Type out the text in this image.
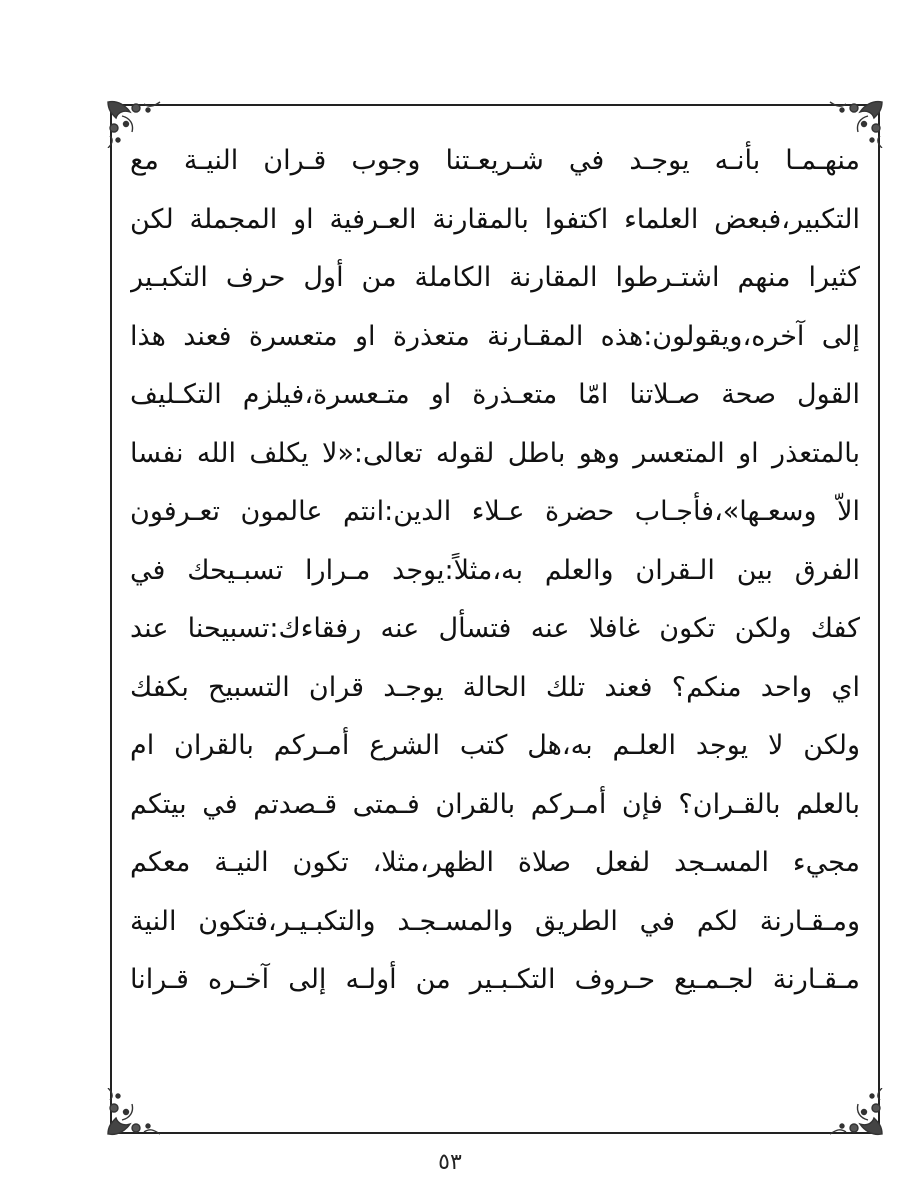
منهـمـا بأنـه يوجـد في شـريعـتنا وجوب قـران النيـة مع
التكبير،فبعض العلماء اكتفوا بالمقارنة العـرفية او المجملة لكن
كثيرا منهم اشتـرطوا المقارنة الكاملة من أول حرف التكبـير
إلى آخره،ويقولون:هذه المقـارنة متعذرة او متعسرة فعند هذا
القول صحة صـلاتنا امّا متعـذرة او متـعسرة،فيلزم التكـليف
بالمتعذر او المتعسر وهو باطل لقوله تعالى:«لا يكلف الله نفسا
الاّ وسعـها»،فأجـاب حضرة عـلاء الدين:انتم عالمون تعـرفون
الفرق بين الـقران والعلم به،مثلاً:يوجد مـرارا تسبـيحك في
كفك ولكن تكون غافلا عنه فتسأل عنه رفقاءك:تسبيحنا عند
اي واحد منكم؟ فعند تلك الحالة يوجـد قران التسبيح بكفك
ولكن لا يوجد العلـم به،هل كتب الشرع أمـركم بالقران ام
بالعلم بالقـران؟ فإن أمـركم بالقران فـمتى قـصدتم في بيتكم
مجيء المسـجد لفعل صلاة الظهر،مثلا، تكون النيـة معكم
ومـقـارنة لكم في الطريق والمسـجـد والتكبـيـر،فتكون النية
مـقـارنة لجـمـيع حـروف التكـبـير من أولـه إلى آخـره قـرانا
٥٣
